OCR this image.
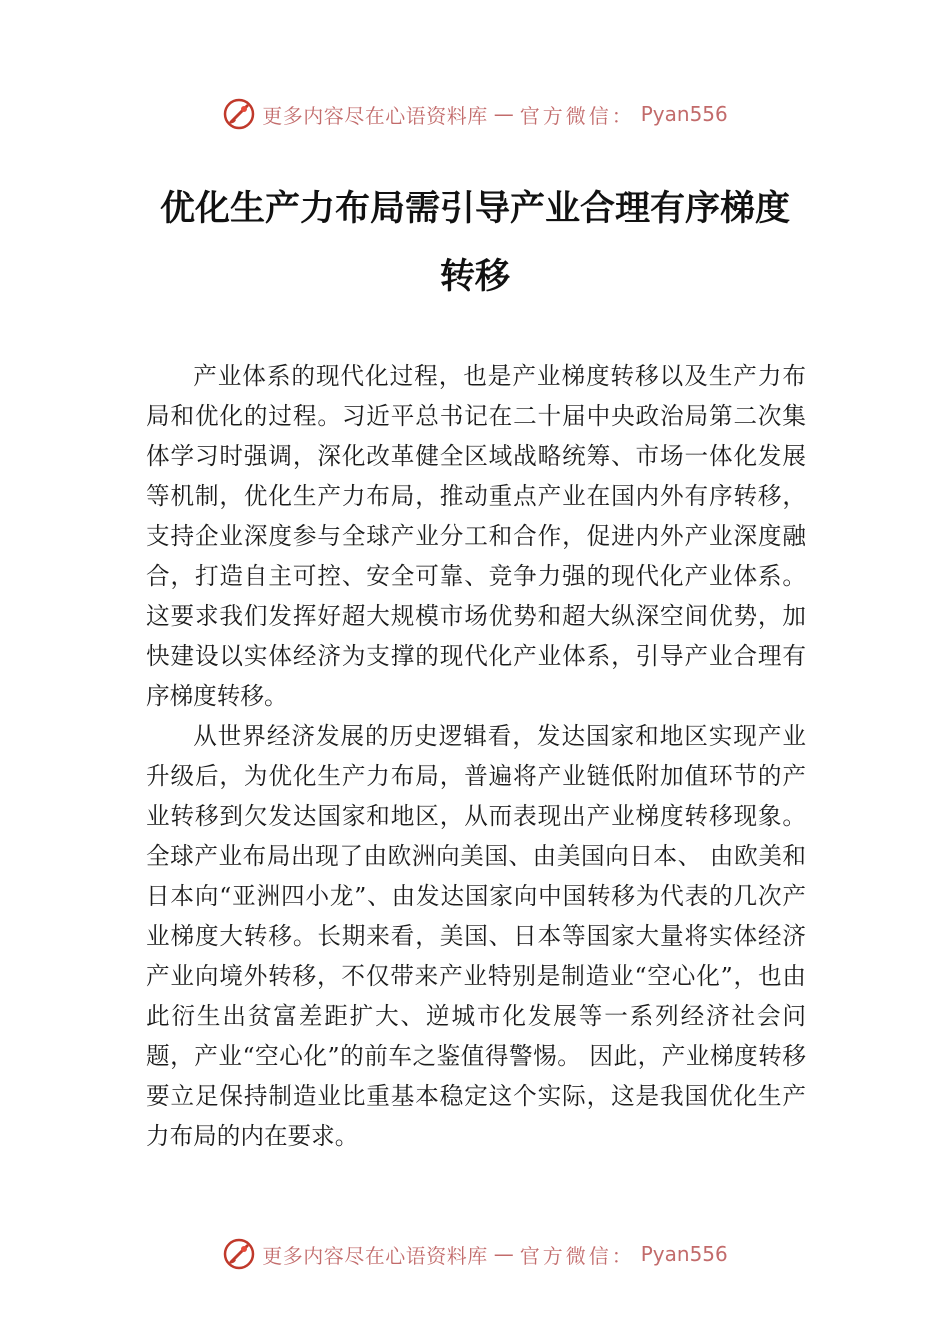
更多内容尽在心语资料库 — 官方微信： Pyan556
优化生产力布局需引导产业合理有序梯度
转移

产业体系的现代化过程，也是产业梯度转移以及生产力布局和优化的过程。习近平总书记在二十届中央政治局第二次集体学习时强调，深化改革健全区域战略统筹、市场一体化发展等机制，优化生产力布局，推动重点产业在国内外有序转移，支持企业深度参与全球产业分工和合作，促进内外产业深度融合，打造自主可控、安全可靠、竞争力强的现代化产业体系。这要求我们发挥好超大规模市场优势和超大纵深空间优势，加快建设以实体经济为支撑的现代化产业体系，引导产业合理有序梯度转移。

从世界经济发展的历史逻辑看，发达国家和地区实现产业升级后，为优化生产力布局，普遍将产业链低附加值环节的产业转移到欠发达国家和地区，从而表现出产业梯度转移现象。全球产业布局出现了由欧洲向美国、由美国向日本、 由欧美和日本向“亚洲四小龙”、由发达国家向中国转移为代表的几次产业梯度大转移。长期来看，美国、日本等国家大量将实体经济产业向境外转移，不仅带来产业特别是制造业“空心化”，也由此衍生出贫富差距扩大、逆城市化发展等一系列经济社会问题，产业“空心化”的前车之鉴值得警惕。 因此，产业梯度转移要立足保持制造业比重基本稳定这个实际，这是我国优化生产力布局的内在要求。

更多内容尽在心语资料库 — 官方微信： Pyan556
